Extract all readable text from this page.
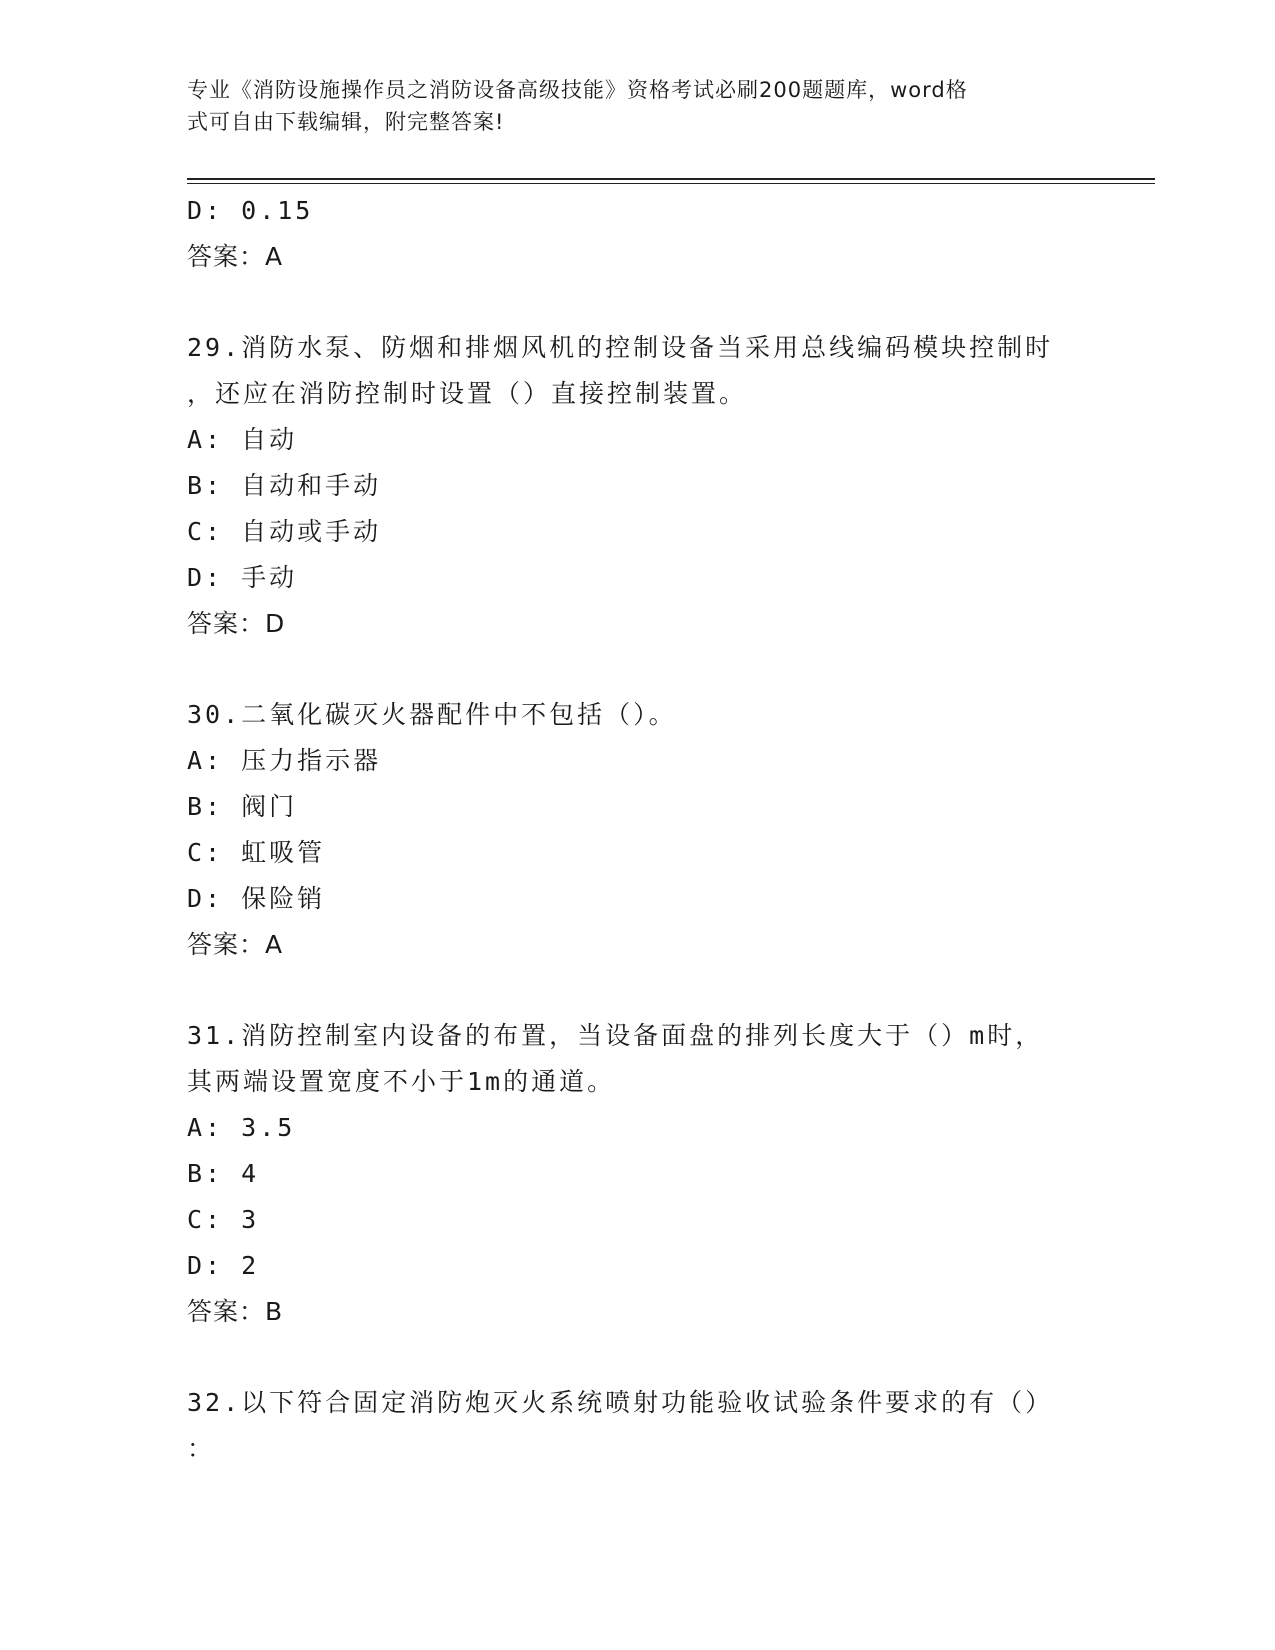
专业《消防设施操作员之消防设备高级技能》资格考试必刷200题题库，word格
式可自由下载编辑，附完整答案!
D: 0.15
答案：A
29.消防水泵、防烟和排烟风机的控制设备当采用总线编码模块控制时
，还应在消防控制时设置（）直接控制装置。
A: 自动
B: 自动和手动
C: 自动或手动
D: 手动
答案：D
30.二氧化碳灭火器配件中不包括（）。
A: 压力指示器
B: 阀门
C: 虹吸管
D: 保险销
答案：A
31.消防控制室内设备的布置，当设备面盘的排列长度大于（）m时，
其两端设置宽度不小于1m的通道。
A: 3.5
B: 4
C: 3
D: 2
答案：B
32.以下符合固定消防炮灭火系统喷射功能验收试验条件要求的有（）
：
